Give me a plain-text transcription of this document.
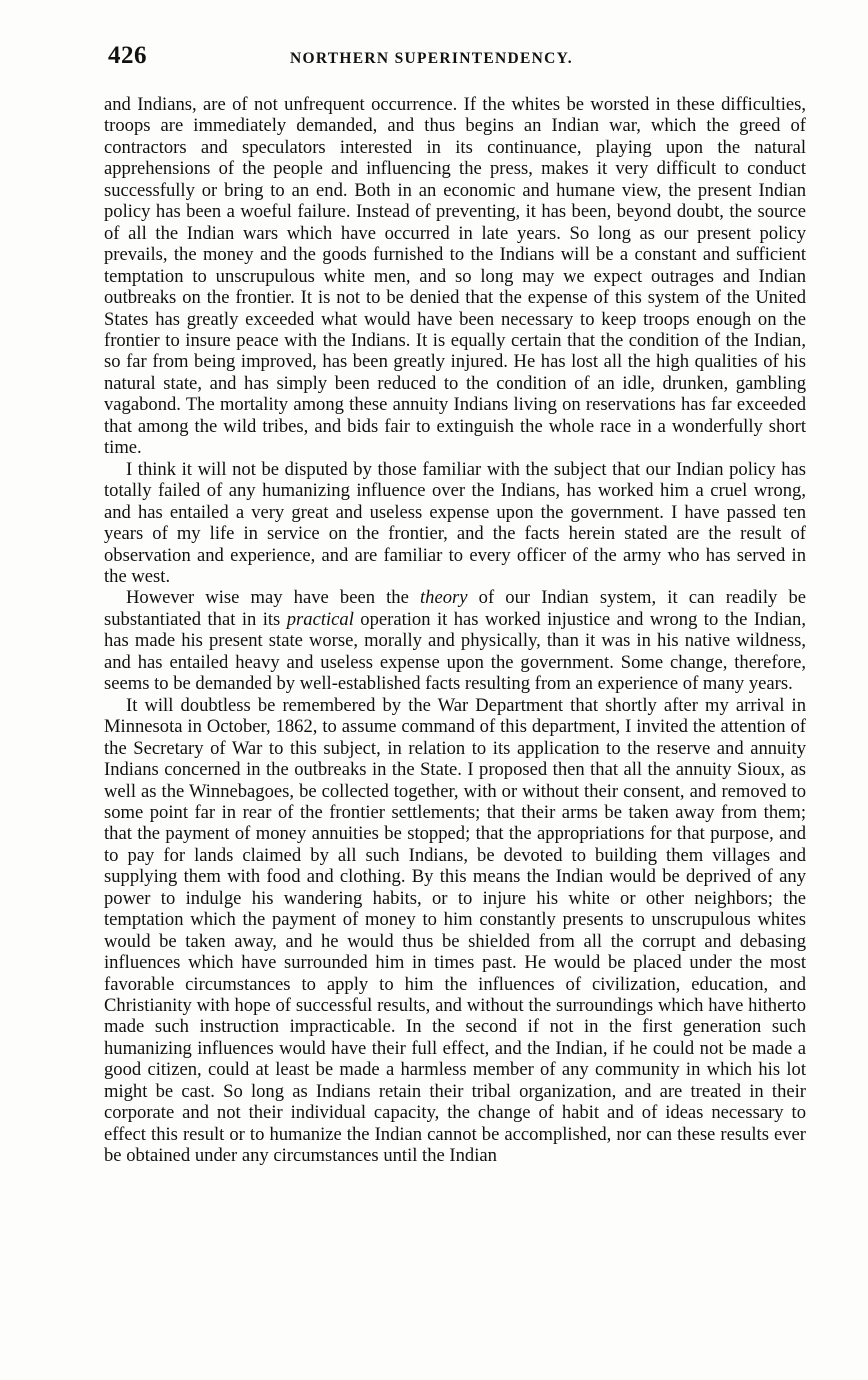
426	NORTHERN SUPERINTENDENCY.

and Indians, are of not unfrequent occurrence. If the whites be worsted in these difficulties, troops are immediately demanded, and thus begins an Indian war, which the greed of contractors and speculators interested in its continuance, playing upon the natural apprehensions of the people and influencing the press, makes it very difficult to conduct successfully or bring to an end. Both in an economic and humane view, the present Indian policy has been a woeful failure. Instead of preventing, it has been, beyond doubt, the source of all the Indian wars which have occurred in late years. So long as our present policy prevails, the money and the goods furnished to the Indians will be a constant and sufficient temptation to unscrupulous white men, and so long may we expect outrages and Indian outbreaks on the frontier. It is not to be denied that the expense of this system of the United States has greatly exceeded what would have been necessary to keep troops enough on the frontier to insure peace with the Indians. It is equally certain that the condition of the Indian, so far from being improved, has been greatly injured. He has lost all the high qualities of his natural state, and has simply been reduced to the condition of an idle, drunken, gambling vagabond. The mortality among these annuity Indians living on reservations has far exceeded that among the wild tribes, and bids fair to extinguish the whole race in a wonderfully short time.

I think it will not be disputed by those familiar with the subject that our Indian policy has totally failed of any humanizing influence over the Indians, has worked him a cruel wrong, and has entailed a very great and useless expense upon the government. I have passed ten years of my life in service on the frontier, and the facts herein stated are the result of observation and experience, and are familiar to every officer of the army who has served in the west.

However wise may have been the theory of our Indian system, it can readily be substantiated that in its practical operation it has worked injustice and wrong to the Indian, has made his present state worse, morally and physically, than it was in his native wildness, and has entailed heavy and useless expense upon the government. Some change, therefore, seems to be demanded by well-established facts resulting from an experience of many years.

It will doubtless be remembered by the War Department that shortly after my arrival in Minnesota in October, 1862, to assume command of this department, I invited the attention of the Secretary of War to this subject, in relation to its application to the reserve and annuity Indians concerned in the outbreaks in the State. I proposed then that all the annuity Sioux, as well as the Winnebagoes, be collected together, with or without their consent, and removed to some point far in rear of the frontier settlements; that their arms be taken away from them; that the payment of money annuities be stopped; that the appropriations for that purpose, and to pay for lands claimed by all such Indians, be devoted to building them villages and supplying them with food and clothing. By this means the Indian would be deprived of any power to indulge his wandering habits, or to injure his white or other neighbors; the temptation which the payment of money to him constantly presents to unscrupulous whites would be taken away, and he would thus be shielded from all the corrupt and debasing influences which have surrounded him in times past. He would be placed under the most favorable circumstances to apply to him the influences of civilization, education, and Christianity with hope of successful results, and without the surroundings which have hitherto made such instruction impracticable. In the second if not in the first generation such humanizing influences would have their full effect, and the Indian, if he could not be made a good citizen, could at least be made a harmless member of any community in which his lot might be cast. So long as Indians retain their tribal organization, and are treated in their corporate and not their individual capacity, the change of habit and of ideas necessary to effect this result or to humanize the Indian cannot be accomplished, nor can these results ever be obtained under any circumstances until the Indian
